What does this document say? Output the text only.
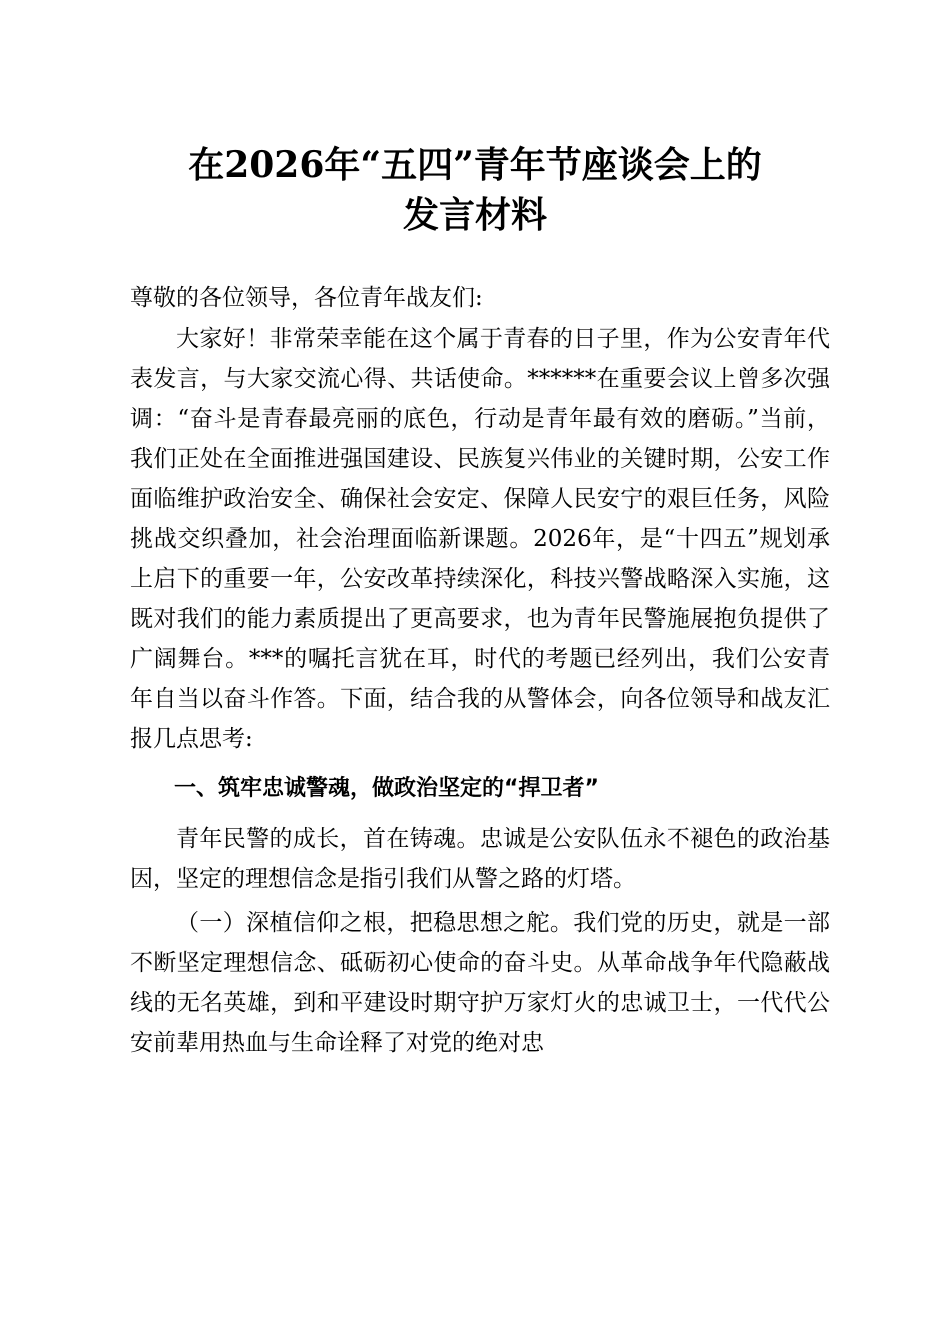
在2026年“五四”青年节座谈会上的
发言材料

尊敬的各位领导，各位青年战友们:

大家好！非常荣幸能在这个属于青春的日子里，作为公安青年代表发言，与大家交流心得、共话使命。******在重要会议上曾多次强调：“奋斗是青春最亮丽的底色，行动是青年最有效的磨砺。”当前，我们正处在全面推进强国建设、民族复兴伟业的关键时期，公安工作面临维护政治安全、确保社会安定、保障人民安宁的艰巨任务，风险挑战交织叠加，社会治理面临新课题。2026年，是“十四五”规划承上启下的重要一年，公安改革持续深化，科技兴警战略深入实施，这既对我们的能力素质提出了更高要求，也为青年民警施展抱负提供了广阔舞台。***的嘱托言犹在耳，时代的考题已经列出，我们公安青年自当以奋斗作答。下面，结合我的从警体会，向各位领导和战友汇报几点思考:

一、筑牢忠诚警魂，做政治坚定的“捍卫者”

青年民警的成长，首在铸魂。忠诚是公安队伍永不褪色的政治基因，坚定的理想信念是指引我们从警之路的灯塔。

（一）深植信仰之根，把稳思想之舵。我们党的历史，就是一部不断坚定理想信念、砥砺初心使命的奋斗史。从革命战争年代隐蔽战线的无名英雄，到和平建设时期守护万家灯火的忠诚卫士，一代代公安前辈用热血与生命诠释了对党的绝对忠
